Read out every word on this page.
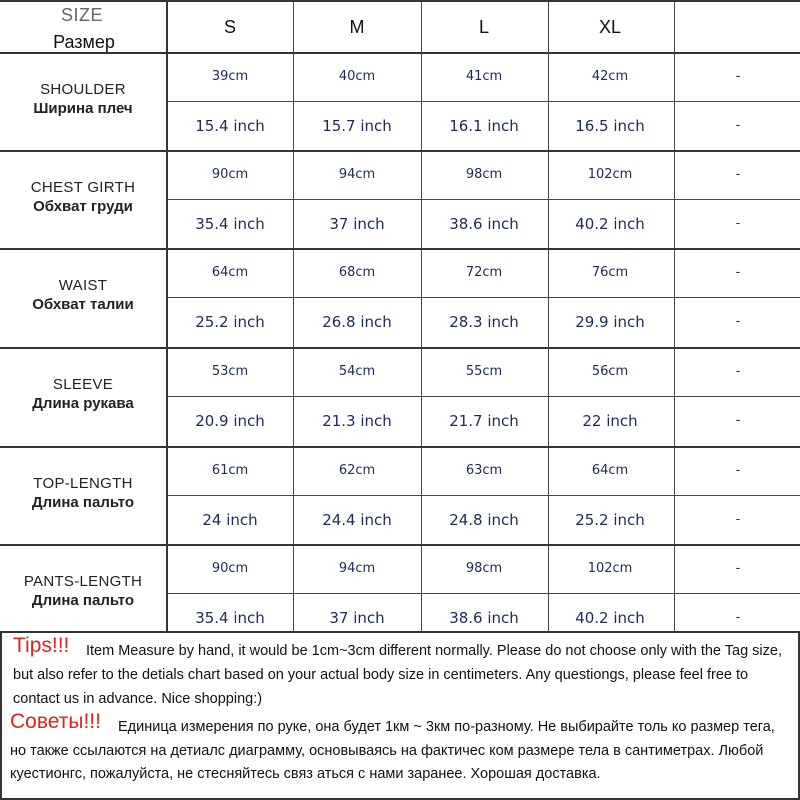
SIZE
Размер
S	M	L	XL
SHOULDER
Ширина плеч
39cm	40cm	41cm	42cm	-
15.4 inch	15.7 inch	16.1 inch	16.5 inch	-
CHEST GIRTH
Обхват груди
90cm	94cm	98cm	102cm	-
35.4 inch	37 inch	38.6 inch	40.2 inch	-
WAIST
Обхват талии
64cm	68cm	72cm	76cm	-
25.2 inch	26.8 inch	28.3 inch	29.9 inch	-
SLEEVE
Длина рукава
53cm	54cm	55cm	56cm	-
20.9 inch	21.3 inch	21.7 inch	22 inch	-
TOP-LENGTH
Длина пальто
61cm	62cm	63cm	64cm	-
24 inch	24.4 inch	24.8 inch	25.2 inch	-
PANTS-LENGTH
Длина пальто
90cm	94cm	98cm	102cm	-
35.4 inch	37 inch	38.6 inch	40.2 inch	-
Item Measure by hand, it would be 1cm~3cm different normally. Please do not choose only with the Tag size, but also refer to the detials chart based on your actual body size in centimeters. Any questiongs, please feel free to contact us in advance. Nice shopping:)
Tips!!!
Единица измерения по руке, она будет 1км ~ 3км по-разному. Не выбирайте толь ко размер тега, но также ссылаются на детиалс диаграмму, основываясь на фактичес ком размере тела в сантиметрах. Любой куестионгс, пожалуйста, не стесняйтесь связ аться с нами заранее. Хорошая доставка.
Советы!!!
